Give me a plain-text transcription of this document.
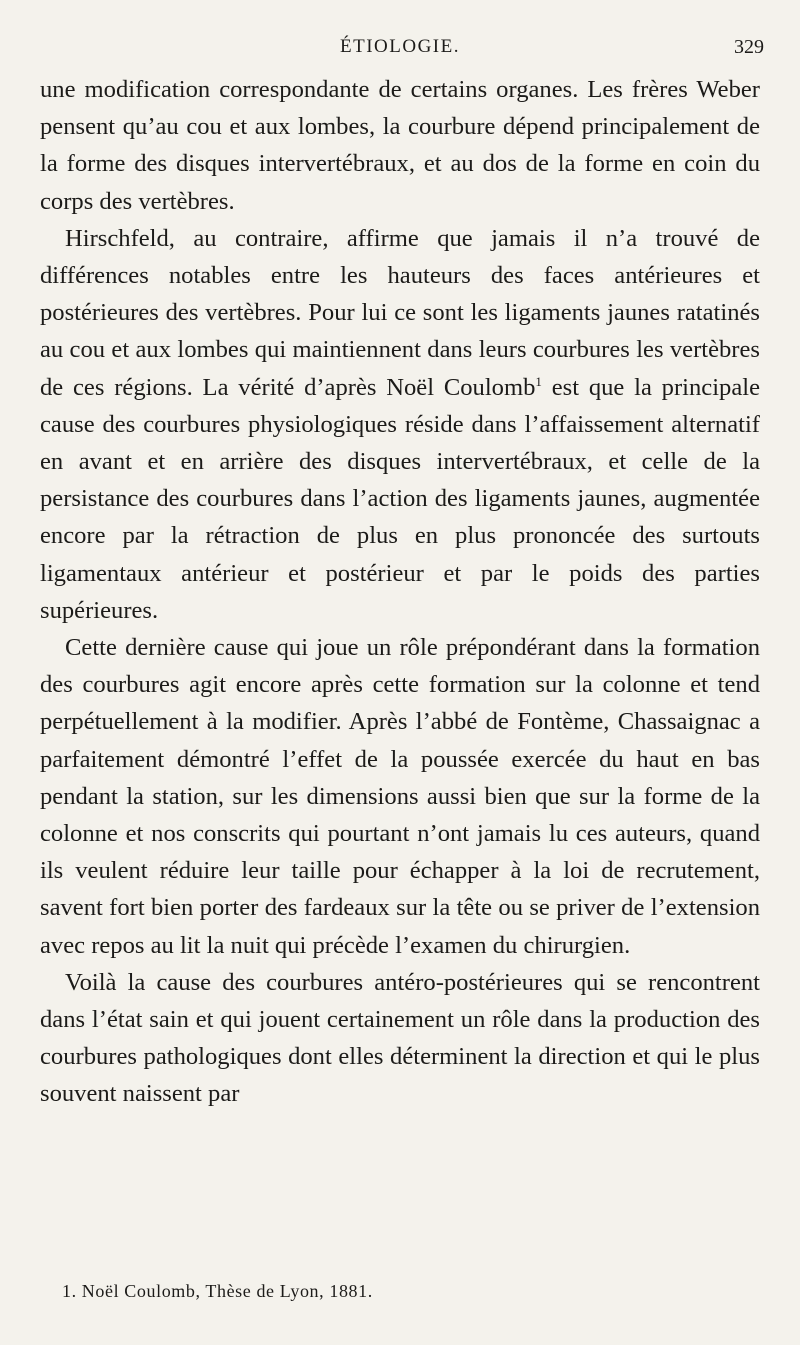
ÉTIOLOGIE.	329

une modification correspondante de certains organes. Les frères Weber pensent qu’au cou et aux lombes, la courbure dépend principalement de la forme des disques intervertébraux, et au dos de la forme en coin du corps des vertèbres.

Hirschfeld, au contraire, affirme que jamais il n’a trouvé de différences notables entre les hauteurs des faces antérieures et postérieures des vertèbres. Pour lui ce sont les ligaments jaunes ratatinés au cou et aux lombes qui maintiennent dans leurs courbures les vertèbres de ces régions. La vérité d’après Noël Coulomb$^1$ est que la principale cause des courbures physiologiques réside dans l’affaissement alternatif en avant et en arrière des disques intervertébraux, et celle de la persistance des courbures dans l’action des ligaments jaunes, augmentée encore par la rétraction de plus en plus prononcée des surtouts ligamentaux antérieur et postérieur et par le poids des parties supérieures.

Cette dernière cause qui joue un rôle prépondérant dans la formation des courbures agit encore après cette formation sur la colonne et tend perpétuellement à la modifier. Après l’abbé de Fontème, Chassaignac a parfaitement démontré l’effet de la poussée exercée du haut en bas pendant la station, sur les dimensions aussi bien que sur la forme de la colonne et nos conscrits qui pourtant n’ont jamais lu ces auteurs, quand ils veulent réduire leur taille pour échapper à la loi de recrutement, savent fort bien porter des fardeaux sur la tête ou se priver de l’extension avec repos au lit la nuit qui précède l’examen du chirurgien.

Voilà la cause des courbures antéro-postérieures qui se rencontrent dans l’état sain et qui jouent certainement un rôle dans la production des courbures pathologiques dont elles déterminent la direction et qui le plus souvent naissent par

1. Noël Coulomb, Thèse de Lyon, 1881.
